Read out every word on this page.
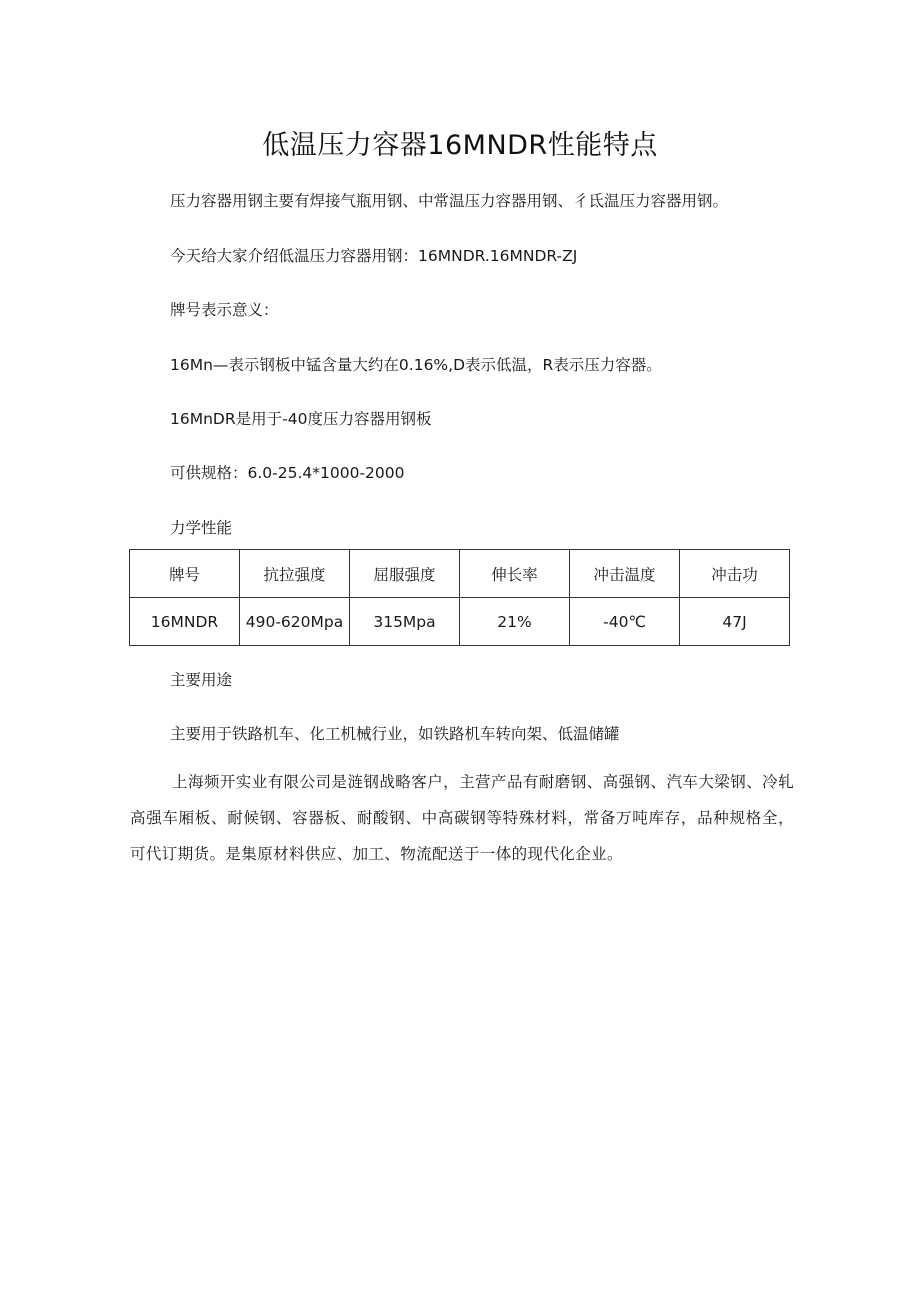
低温压力容器16MNDR性能特点
压力容器用钢主要有焊接气瓶用钢、中常温压力容器用钢、彳氐温压力容器用钢。
今天给大家介绍低温压力容器用钢：16MNDR.16MNDR-ZJ
牌号表示意义：
16Mn—表示钢板中锰含量大约在0.16%,D表示低温，R表示压力容器。
16MnDR是用于-40度压力容器用钢板
可供规格：6.0-25.4*1000-2000
力学性能
牌号	抗拉强度	屈服强度	伸长率	冲击温度	冲击功
16MNDR	490-620Mpa	315Mpa	21%	-40℃	47J
主要用途
主要用于铁路机车、化工机械行业，如铁路机车转向架、低温储罐
上海频开实业有限公司是涟钢战略客户，主营产品有耐磨钢、高强钢、汽车大梁钢、冷轧高强车厢板、耐候钢、容器板、耐酸钢、中高碳钢等特殊材料，常备万吨库存，品种规格全，可代订期货。是集原材料供应、加工、物流配送于一体的现代化企业。
